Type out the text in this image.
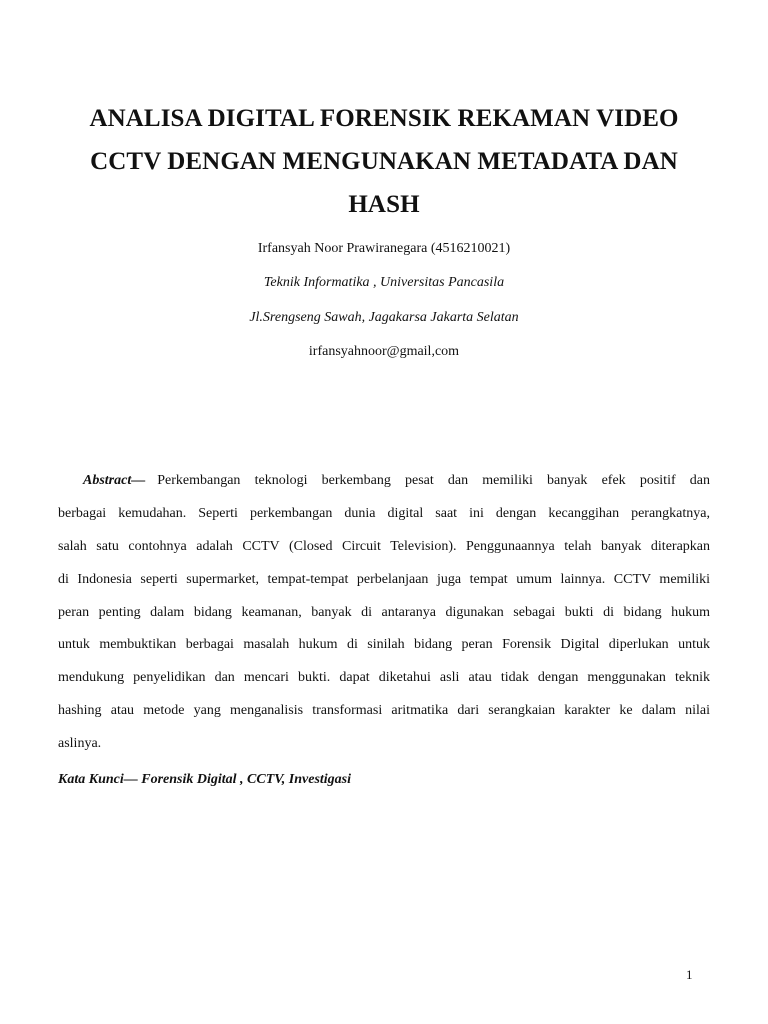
ANALISA DIGITAL FORENSIK REKAMAN VIDEO
CCTV DENGAN MENGUNAKAN METADATA DAN
HASH
Irfansyah Noor Prawiranegara (4516210021)
Teknik Informatika , Universitas Pancasila
Jl.Srengseng Sawah, Jagakarsa Jakarta Selatan
irfansyahnoor@gmail,com
Abstract— Perkembangan teknologi berkembang pesat dan memiliki banyak efek positif dan
berbagai kemudahan. Seperti perkembangan dunia digital saat ini dengan kecanggihan perangkatnya,
salah satu contohnya adalah CCTV (Closed Circuit Television). Penggunaannya telah banyak diterapkan
di Indonesia seperti supermarket, tempat-tempat perbelanjaan juga tempat umum lainnya. CCTV memiliki
peran penting dalam bidang keamanan, banyak di antaranya digunakan sebagai bukti di bidang hukum
untuk membuktikan berbagai masalah hukum di sinilah bidang peran Forensik Digital diperlukan untuk
mendukung penyelidikan dan mencari bukti. dapat diketahui asli atau tidak dengan menggunakan teknik
hashing atau metode yang menganalisis transformasi aritmatika dari serangkaian karakter ke dalam nilai
aslinya.
Kata Kunci— Forensik Digital , CCTV, Investigasi
1
